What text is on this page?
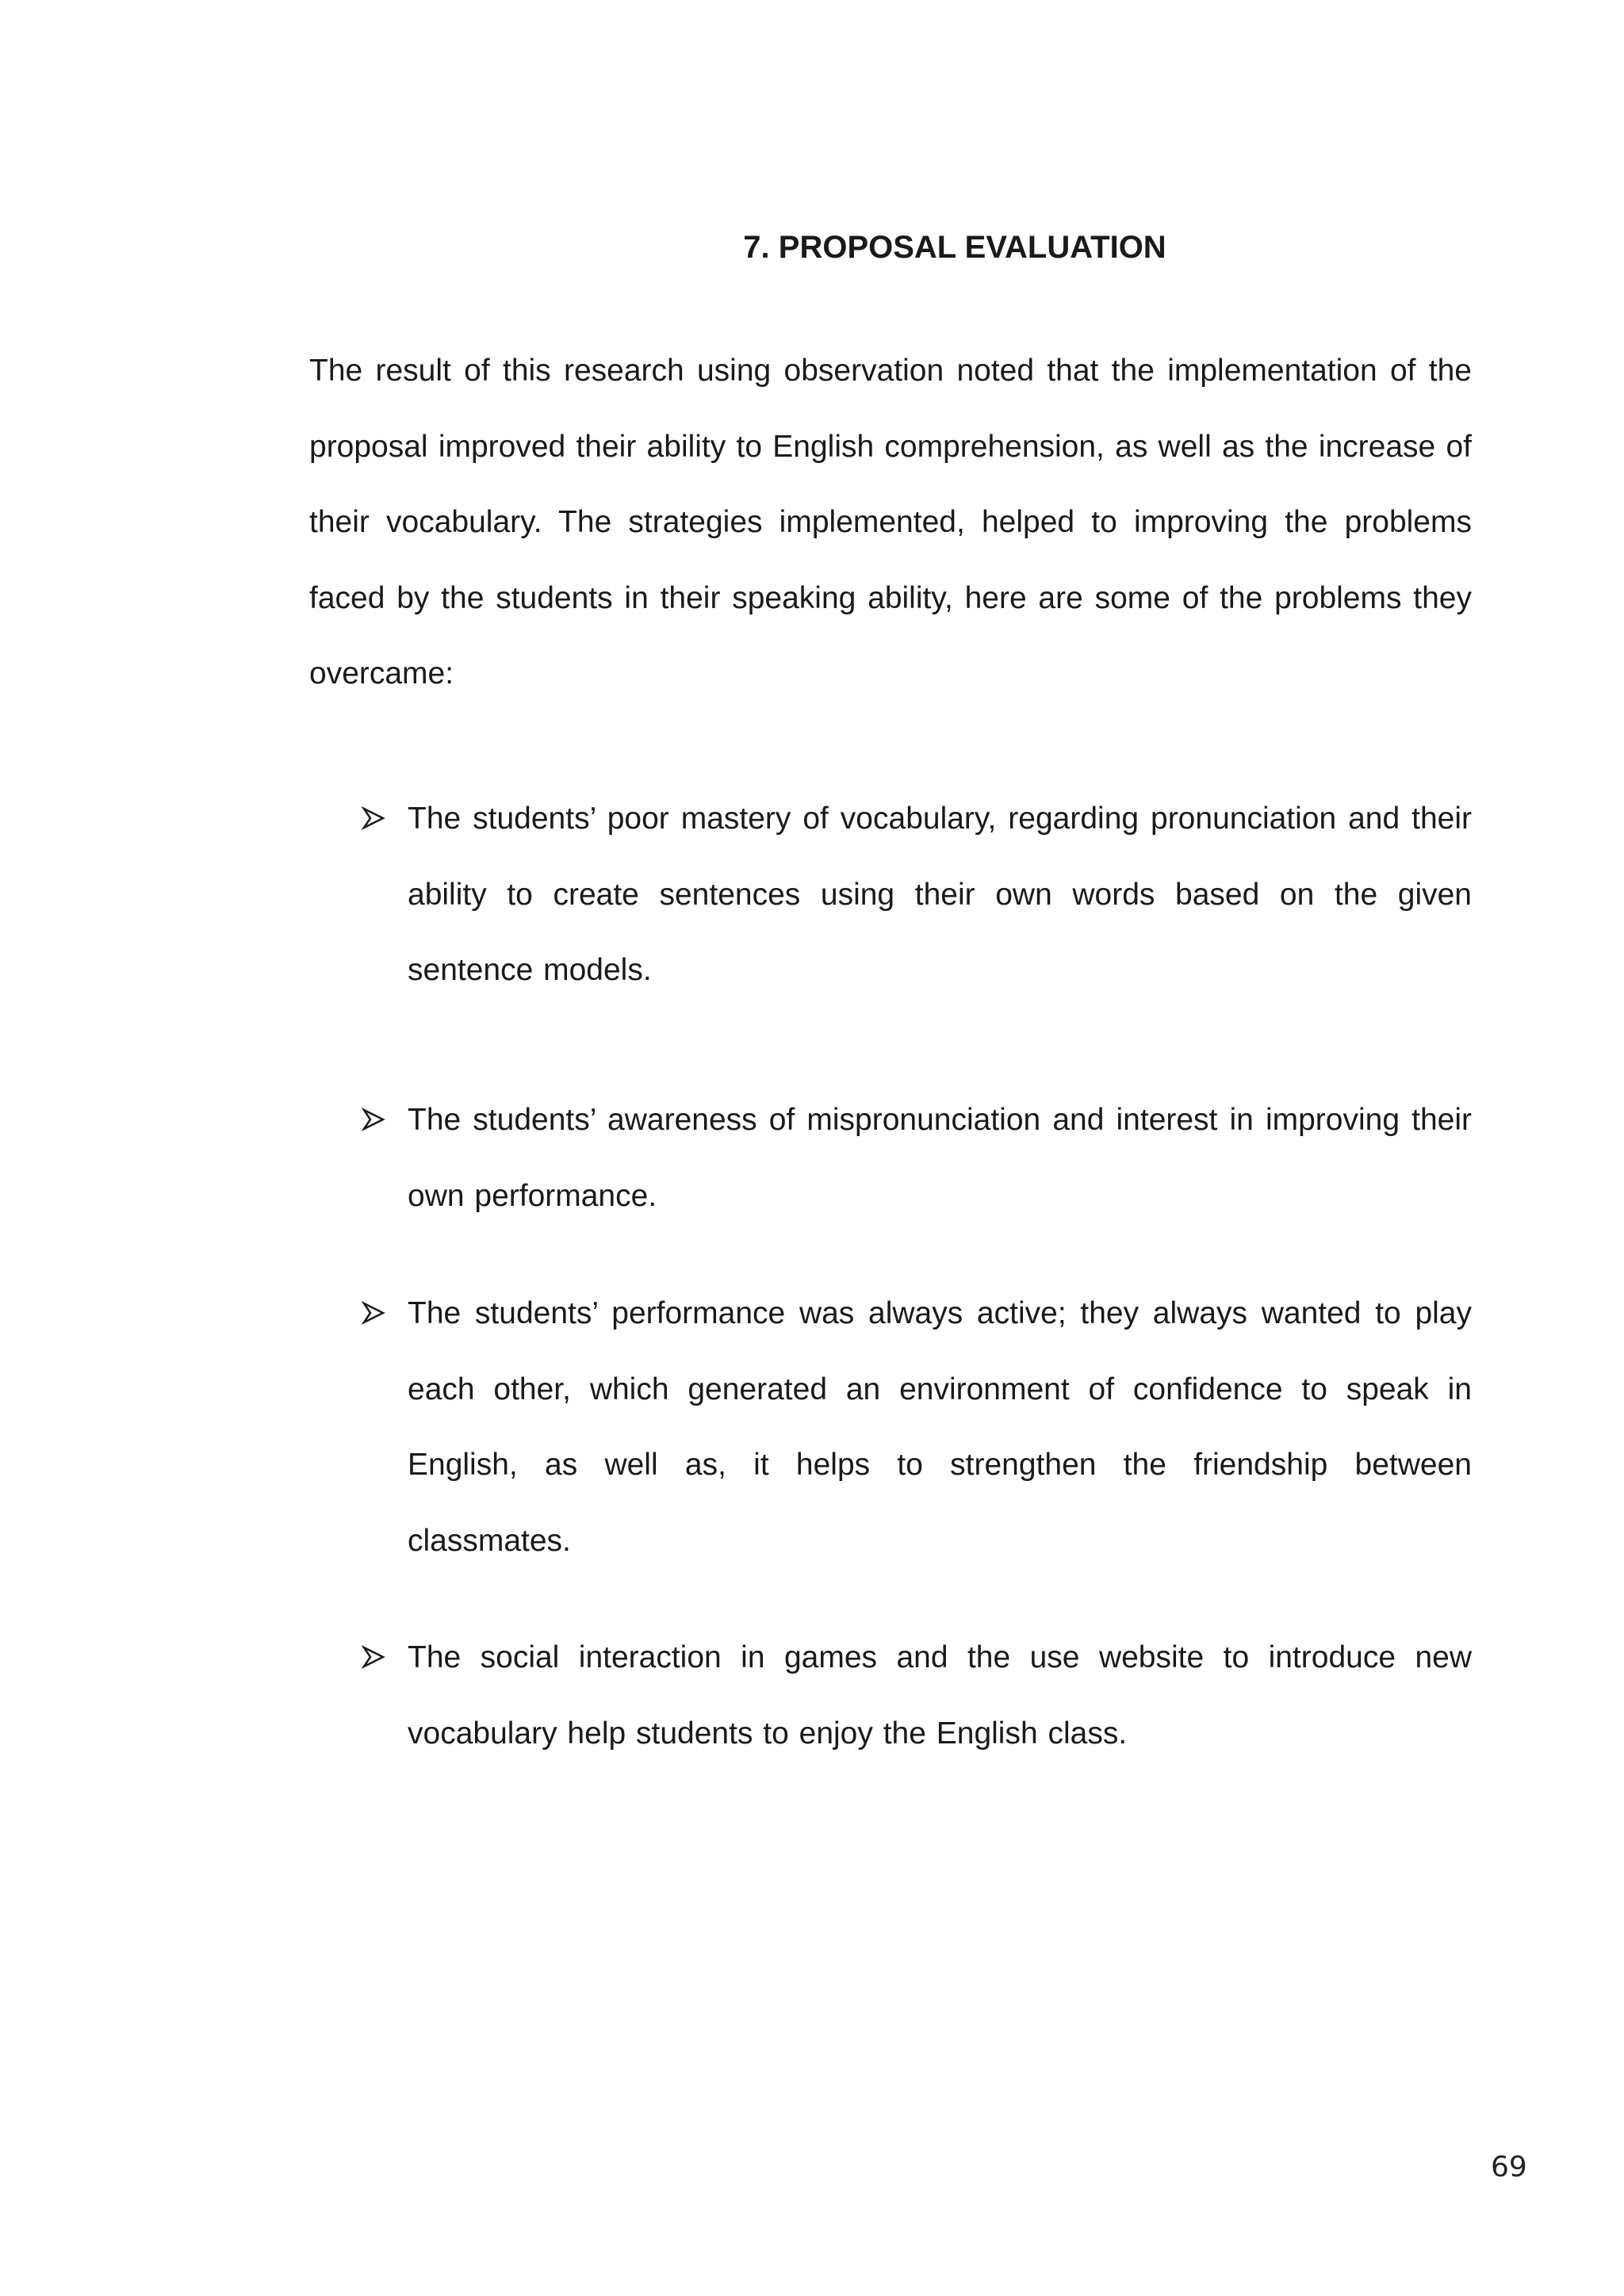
7. PROPOSAL EVALUATION

The result of this research using observation noted that the implementation of the proposal improved their ability to English comprehension, as well as the increase of their vocabulary. The strategies implemented, helped to improving the problems faced by the students in their speaking ability, here are some of the problems they overcame:

The students’ poor mastery of vocabulary, regarding pronunciation and their ability to create sentences using their own words based on the given sentence models.

The students’ awareness of mispronunciation and interest in improving their own performance.

The students’ performance was always active; they always wanted to play each other, which generated an environment of confidence to speak in English, as well as, it helps to strengthen the friendship between classmates.

The social interaction in games and the use website to introduce new vocabulary help students to enjoy the English class.

69
